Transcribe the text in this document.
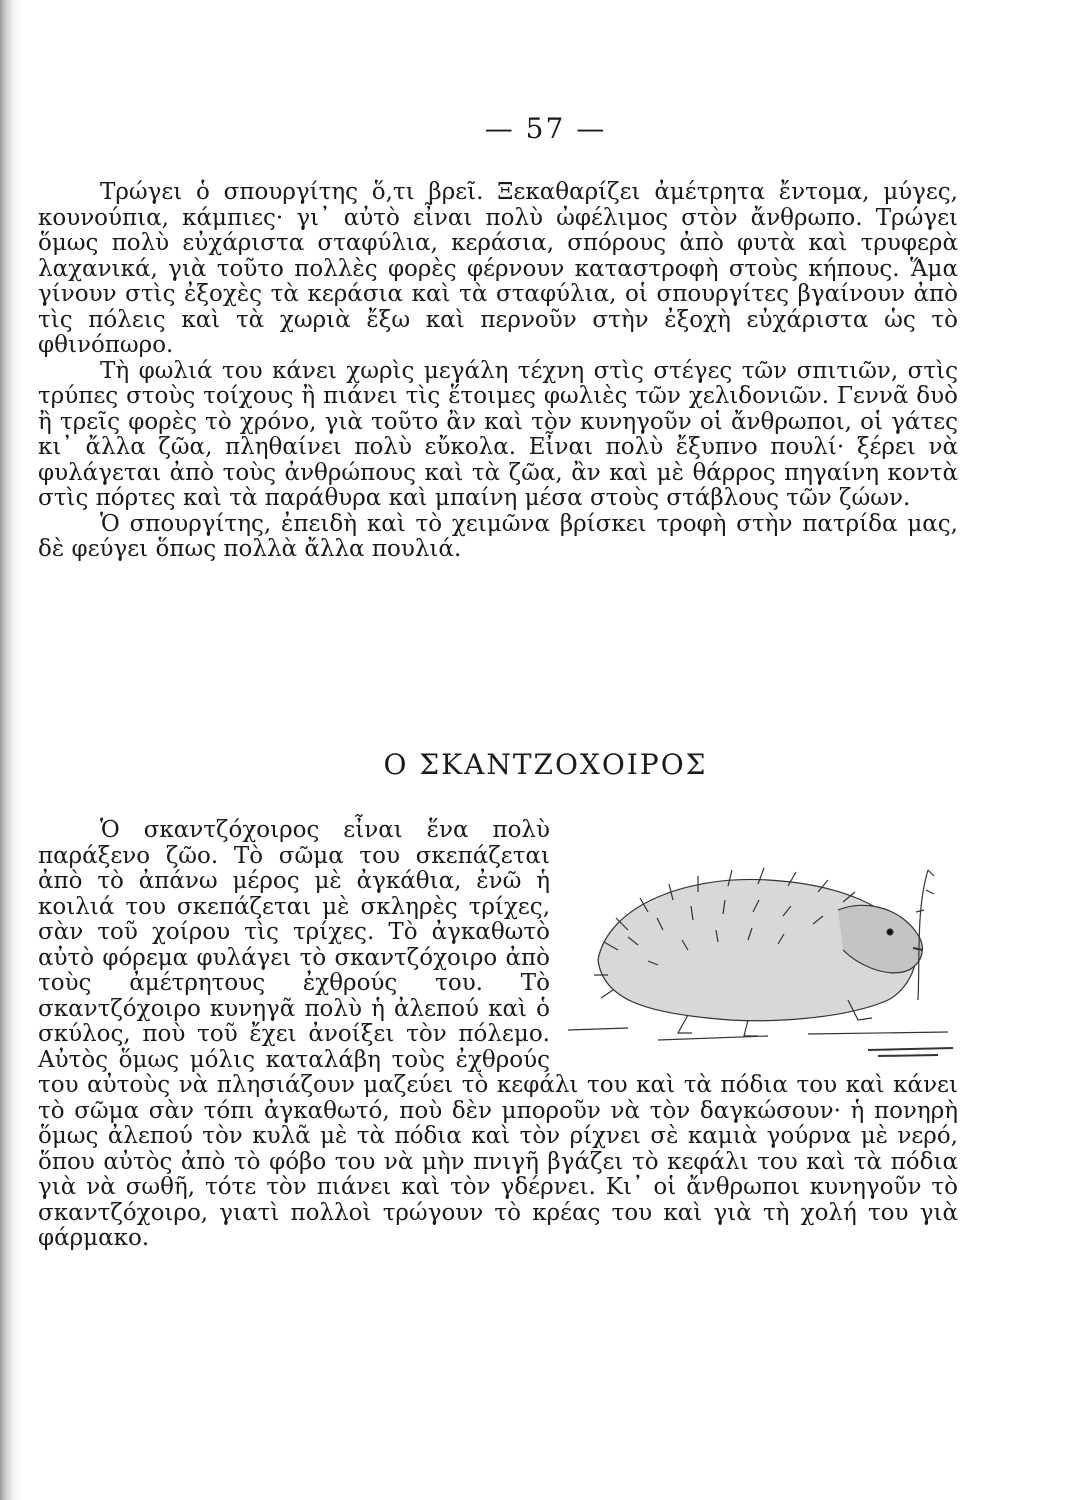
— 57 —

Τρώγει ὁ σπουργίτης ὅ,τι βρεῖ. Ξεκαθαρίζει ἀμέτρητα ἔντομα, μύγες, κουνούπια, κάμπιες· γι᾽ αὐτὸ εἶναι πολὺ ὠφέλιμος στὸν ἄνθρωπο. Τρώγει ὅμως πολὺ εὐχάριστα σταφύλια, κεράσια, σπόρους ἀπὸ φυτὰ καὶ τρυφερὰ λαχανικά, γιὰ τοῦτο πολλὲς φορὲς φέρνουν καταστροφὴ στοὺς κήπους. Ἅμα γίνουν στὶς ἐξοχὲς τὰ κεράσια καὶ τὰ σταφύλια, οἱ σπουργίτες βγαίνουν ἀπὸ τὶς πόλεις καὶ τὰ χωριὰ ἔξω καὶ περνοῦν στὴν ἐξοχὴ εὐχάριστα ὡς τὸ φθινόπωρο.

Τὴ φωλιά του κάνει χωρὶς μεγάλη τέχνη στὶς στέγες τῶν σπιτιῶν, στὶς τρύπες στοὺς τοίχους ἢ πιάνει τὶς ἕτοιμες φωλιὲς τῶν χελιδονιῶν. Γεννᾶ δυὸ ἢ τρεῖς φορὲς τὸ χρόνο, γιὰ τοῦτο ἂν καὶ τὸν κυνηγοῦν οἱ ἄνθρωποι, οἱ γάτες κι᾽ ἄλλα ζῶα, πληθαίνει πολὺ εὔκολα. Εἶναι πολὺ ἔξυπνο πουλί· ξέρει νὰ φυλάγεται ἀπὸ τοὺς ἀνθρώπους καὶ τὰ ζῶα, ἂν καὶ μὲ θάρρος πηγαίνη κοντὰ στὶς πόρτες καὶ τὰ παράθυρα καὶ μπαίνη μέσα στοὺς στάβλους τῶν ζώων.

Ὁ σπουργίτης, ἐπειδὴ καὶ τὸ χειμῶνα βρίσκει τροφὴ στὴν πατρίδα μας, δὲ φεύγει ὅπως πολλὰ ἄλλα πουλιά.

Ο ΣΚΑΝΤΖΟΧΟΙΡΟΣ

Ὁ σκαντζόχοιρος εἶναι ἕνα πολὺ παράξενο ζῶο. Τὸ σῶμα του σκεπάζεται ἀπὸ τὸ ἀπάνω μέρος μὲ ἀγκάθια, ἐνῶ ἡ κοιλιά του σκεπάζεται μὲ σκληρὲς τρίχες, σὰν τοῦ χοίρου τὶς τρίχες. Τὸ ἀγκαθωτὸ αὐτὸ φόρεμα φυλάγει τὸ σκαντζόχοιρο ἀπὸ τοὺς ἀμέτρητους ἐχθρούς του. Τὸ σκαντζόχοιρο κυνηγᾶ πολὺ ἡ ἀλεπού καὶ ὁ σκύλος, ποὺ τοῦ ἔχει ἀνοίξει τὸν πόλεμο. Αὐτὸς ὅμως μόλις καταλάβη τοὺς ἐχθρούς του αὐτοὺς νὰ πλησιάζουν μαζεύει τὸ κεφάλι του καὶ τὰ πόδια του καὶ κάνει τὸ σῶμα σὰν τόπι ἀγκαθωτό, ποὺ δὲν μποροῦν νὰ τὸν δαγκώσουν· ἡ πονηρὴ ὅμως ἀλεπού τὸν κυλᾶ μὲ τὰ πόδια καὶ τὸν ρίχνει σὲ καμιὰ γούρνα μὲ νερό, ὅπου αὐτὸς ἀπὸ τὸ φόβο του νὰ μὴν πνιγῆ βγάζει τὸ κεφάλι του καὶ τὰ πόδια γιὰ νὰ σωθῆ, τότε τὸν πιάνει καὶ τὸν γδέρνει. Κι᾽ οἱ ἄνθρωποι κυνηγοῦν τὸ σκαντζόχοιρο, γιατὶ πολλοὶ τρώγουν τὸ κρέας του καὶ γιὰ τὴ χολή του γιὰ φάρμακο.
